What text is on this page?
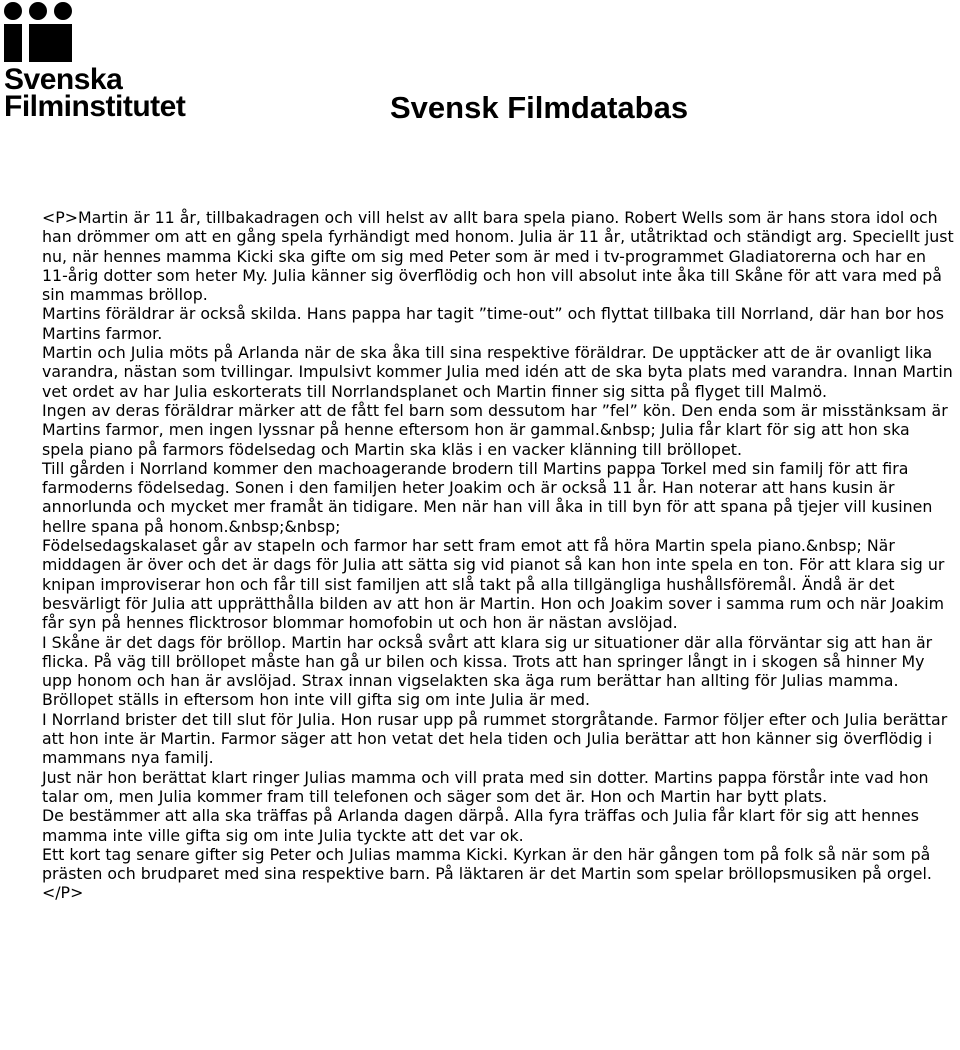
Svenska
Filminstitutet	Svensk Filmdatabas
<P>Martin är 11 år, tillbakadragen och vill helst av allt bara spela piano. Robert Wells som är hans stora idol och han drömmer om att en gång spela fyrhändigt med honom. Julia är 11 år, utåtriktad och ständigt arg. Speciellt just nu, när hennes mamma Kicki ska gifte om sig med Peter som är med i tv-programmet Gladiatorerna och har en 11-årig dotter som heter My. Julia känner sig överflödig och hon vill absolut inte åka till Skåne för att vara med på sin mammas bröllop.
Martins föräldrar är också skilda. Hans pappa har tagit ”time-out” och flyttat tillbaka till Norrland, där han bor hos Martins farmor.
Martin och Julia möts på Arlanda när de ska åka till sina respektive föräldrar. De upptäcker att de är ovanligt lika varandra, nästan som tvillingar. Impulsivt kommer Julia med idén att de ska byta plats med varandra. Innan Martin vet ordet av har Julia eskorterats till Norrlandsplanet och Martin finner sig sitta på flyget till Malmö.
Ingen av deras föräldrar märker att de fått fel barn som dessutom har ”fel” kön. Den enda som är misstänksam är Martins farmor, men ingen lyssnar på henne eftersom hon är gammal.&nbsp; Julia får klart för sig att hon ska spela piano på farmors födelsedag och Martin ska kläs i en vacker klänning till bröllopet.
Till gården i Norrland kommer den machoagerande brodern till Martins pappa Torkel med sin familj för att fira farmoderns födelsedag. Sonen i den familjen heter Joakim och är också 11 år. Han noterar att hans kusin är annorlunda och mycket mer framåt än tidigare. Men när han vill åka in till byn för att spana på tjejer vill kusinen hellre spana på honom.&nbsp;&nbsp;
Födelsedagskalaset går av stapeln och farmor har sett fram emot att få höra Martin spela piano.&nbsp; När middagen är över och det är dags för Julia att sätta sig vid pianot så kan hon inte spela en ton. För att klara sig ur knipan improviserar hon och får till sist familjen att slå takt på alla tillgängliga hushållsföremål. Ändå är det besvärligt för Julia att upprätthålla bilden av att hon är Martin. Hon och Joakim sover i samma rum och när Joakim får syn på hennes flicktrosor blommar homofobin ut och hon är nästan avslöjad.
I Skåne är det dags för bröllop. Martin har också svårt att klara sig ur situationer där alla förväntar sig att han är flicka. På väg till bröllopet måste han gå ur bilen och kissa. Trots att han springer långt in i skogen så hinner My upp honom och han är avslöjad. Strax innan vigselakten ska äga rum berättar han allting för Julias mamma. Bröllopet ställs in eftersom hon inte vill gifta sig om inte Julia är med.
I Norrland brister det till slut för Julia. Hon rusar upp på rummet storgråtande. Farmor följer efter och Julia berättar att hon inte är Martin. Farmor säger att hon vetat det hela tiden och Julia berättar att hon känner sig överflödig i mammans nya familj.
Just när hon berättat klart ringer Julias mamma och vill prata med sin dotter. Martins pappa förstår inte vad hon talar om, men Julia kommer fram till telefonen och säger som det är. Hon och Martin har bytt plats.
De bestämmer att alla ska träffas på Arlanda dagen därpå. Alla fyra träffas och Julia får klart för sig att hennes mamma inte ville gifta sig om inte Julia tyckte att det var ok.
Ett kort tag senare gifter sig Peter och Julias mamma Kicki. Kyrkan är den här gången tom på folk så när som på prästen och brudparet med sina respektive barn. På läktaren är det Martin som spelar bröllopsmusiken på orgel.</P>
